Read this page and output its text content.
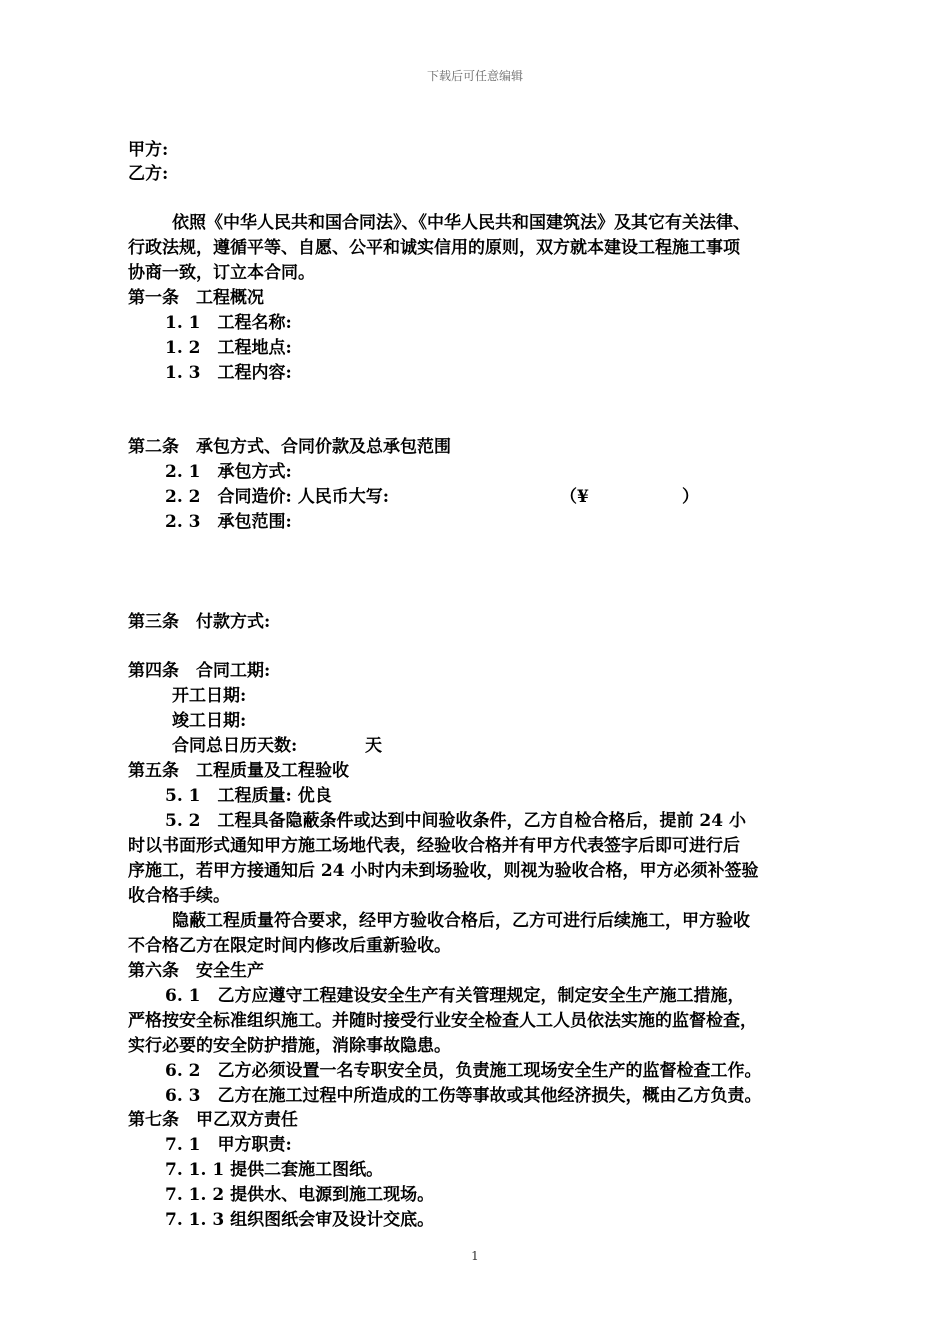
下载后可任意编辑
甲方:
乙方:
依照《中华人民共和国合同法》、《中华人民共和国建筑法》及其它有关法律、
行政法规，遵循平等、自愿、公平和诚实信用的原则，双方就本建设工程施工事项
协商一致，订立本合同。
第一条　工程概况
1. 1　工程名称:
1. 2　工程地点:
1. 3　工程内容:
第二条　承包方式、合同价款及总承包范围
2. 1　承包方式:
2. 2　合同造价: 人民币大写:	（¥	）
2. 3　承包范围:
第三条　付款方式:
第四条　合同工期:
开工日期:
竣工日期:
合同总日历天数:	天
第五条　工程质量及工程验收
5. 1　工程质量: 优良
5. 2　工程具备隐蔽条件或达到中间验收条件，乙方自检合格后，提前 24 小
时以书面形式通知甲方施工场地代表，经验收合格并有甲方代表签字后即可进行后
序施工，若甲方接通知后 24 小时内未到场验收，则视为验收合格，甲方必须补签验
收合格手续。
隐蔽工程质量符合要求，经甲方验收合格后，乙方可进行后续施工，甲方验收
不合格乙方在限定时间内修改后重新验收。
第六条　安全生产
6. 1　乙方应遵守工程建设安全生产有关管理规定，制定安全生产施工措施，
严格按安全标准组织施工。并随时接受行业安全检查人工人员依法实施的监督检查，
实行必要的安全防护措施，消除事故隐患。
6. 2　乙方必须设置一名专职安全员，负责施工现场安全生产的监督检查工作。
6. 3　乙方在施工过程中所造成的工伤等事故或其他经济损失，概由乙方负责。
第七条　甲乙双方责任
7. 1　甲方职责:
7. 1. 1 提供二套施工图纸。
7. 1. 2 提供水、电源到施工现场。
7. 1. 3 组织图纸会审及设计交底。
1
